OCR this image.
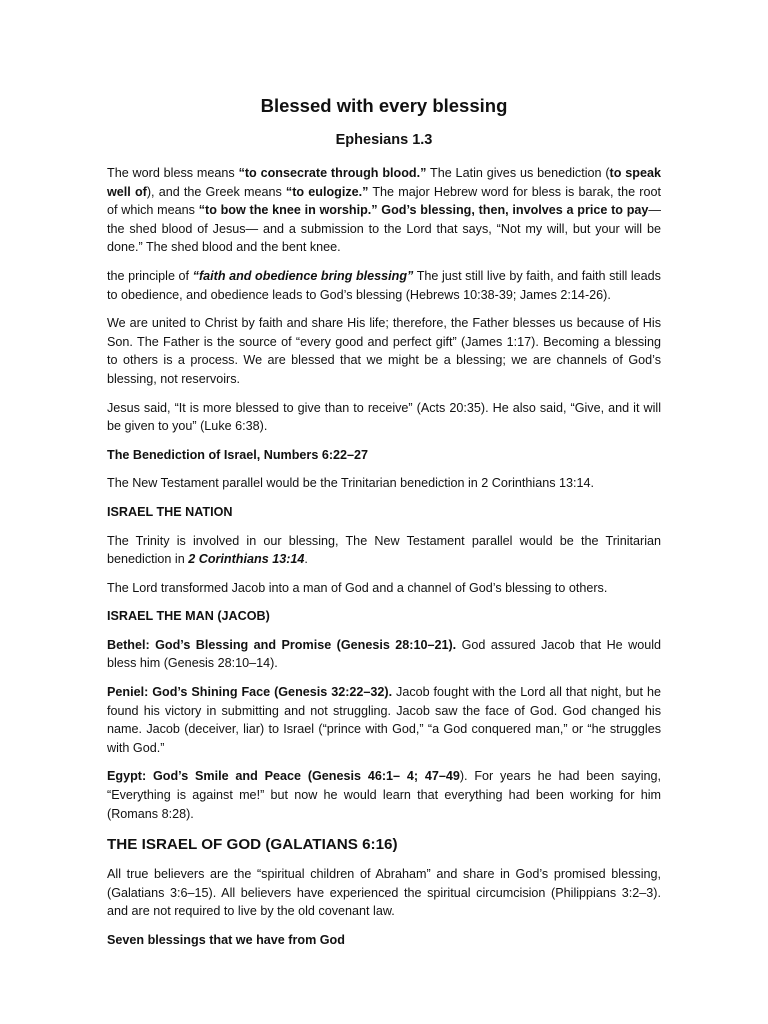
Blessed with every blessing
Ephesians 1.3

The word bless means “to consecrate through blood.” The Latin gives us benediction (to speak well of), and the Greek means “to eulogize.” The major Hebrew word for bless is barak, the root of which means “to bow the knee in worship.” God’s blessing, then, involves a price to pay— the shed blood of Jesus— and a submission to the Lord that says, “Not my will, but your will be done.” The shed blood and the bent knee.

the principle of “faith and obedience bring blessing” The just still live by faith, and faith still leads to obedience, and obedience leads to God’s blessing (Hebrews 10:38-39; James 2:14-26).

We are united to Christ by faith and share His life; therefore, the Father blesses us because of His Son. The Father is the source of “every good and perfect gift” (James 1:17). Becoming a blessing to others is a process. We are blessed that we might be a blessing; we are channels of God’s blessing, not reservoirs.

Jesus said, “It is more blessed to give than to receive” (Acts 20:35). He also said, “Give, and it will be given to you” (Luke 6:38).

The Benediction of Israel, Numbers 6:22–27

The New Testament parallel would be the Trinitarian benediction in 2 Corinthians 13:14.

ISRAEL THE NATION

The Trinity is involved in our blessing, The New Testament parallel would be the Trinitarian benediction in 2 Corinthians 13:14.

The Lord transformed Jacob into a man of God and a channel of God’s blessing to others.

ISRAEL THE MAN (JACOB)

Bethel: God’s Blessing and Promise (Genesis 28:10–21). God assured Jacob that He would bless him (Genesis 28:10–14).

Peniel: God’s Shining Face (Genesis 32:22–32). Jacob fought with the Lord all that night, but he found his victory in submitting and not struggling. Jacob saw the face of God. God changed his name. Jacob (deceiver, liar) to Israel (“prince with God,” “a God conquered man,” or “he struggles with God.”

Egypt: God’s Smile and Peace (Genesis 46:1– 4; 47–49). For years he had been saying, “Everything is against me!” but now he would learn that everything had been working for him (Romans 8:28).

THE ISRAEL OF GOD (GALATIANS 6:16)

All true believers are the “spiritual children of Abraham” and share in God’s promised blessing, (Galatians 3:6–15). All believers have experienced the spiritual circumcision (Philippians 3:2–3). and are not required to live by the old covenant law.

Seven blessings that we have from God
